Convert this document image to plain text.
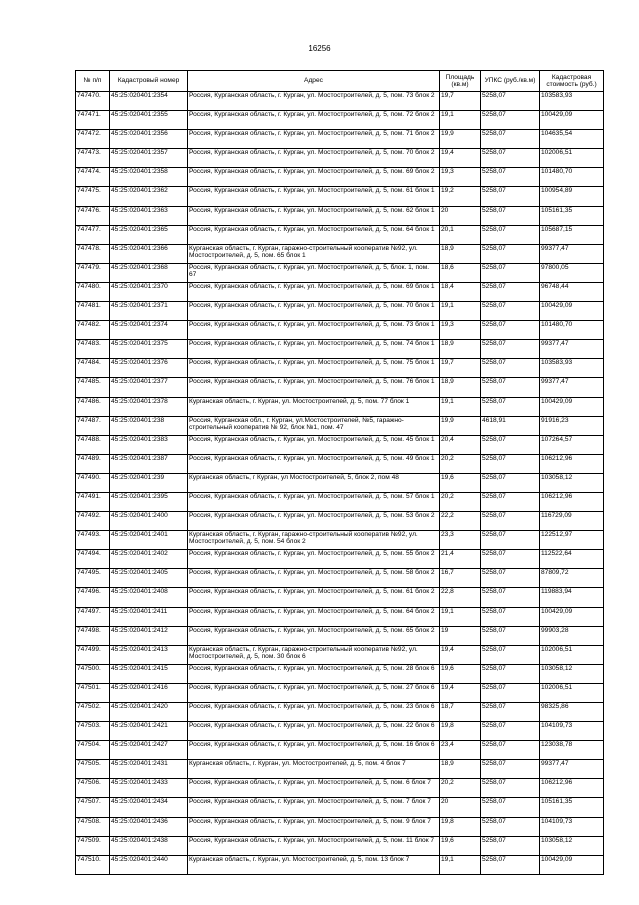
16256
№ п/п	Кадастровый номер	Адрес	Площадь (кв.м)	УПКС (руб./кв.м)	Кадастровая стоимость (руб.)
747470.	45:25:020401:2354	Россия, Курганская область, г. Курган, ул. Мостостроителей, д. 5, пом. 73 блок 2	19,7	5258,07	103583,93
747471.	45:25:020401:2355	Россия, Курганская область, г. Курган, ул. Мостостроителей, д. 5, пом. 72 блок 2	19,1	5258,07	100429,09
747472.	45:25:020401:2356	Россия, Курганская область, г. Курган, ул. Мостостроителей, д. 5, пом. 71 блок 2	19,9	5258,07	104635,54
747473.	45:25:020401:2357	Россия, Курганская область, г. Курган, ул. Мостостроителей, д. 5, пом. 70 блок 2	19,4	5258,07	102006,51
747474.	45:25:020401:2358	Россия, Курганская область, г. Курган, ул. Мостостроителей, д. 5, пом. 69 блок 2	19,3	5258,07	101480,70
747475.	45:25:020401:2362	Россия, Курганская область, г. Курган, ул. Мостостроителей, д. 5, пом. 61 блок 1	19,2	5258,07	100954,89
747476.	45:25:020401:2363	Россия, Курганская область, г. Курган, ул. Мостостроителей, д. 5, пом. 62 блок 1	20	5258,07	105161,35
747477.	45:25:020401:2365	Россия, Курганская область, г. Курган, ул. Мостостроителей, д. 5, пом. 64 блок 1	20,1	5258,07	105687,15
747478.	45:25:020401:2366	Курганская область, г. Курган, гаражно-строительный кооператив №92, ул. Мостостроителей, д. 5, пом. 65 блок 1	18,9	5258,07	99377,47
747479.	45:25:020401:2368	Россия, Курганская область, г. Курган, ул. Мостостроителей, д. 5, блок. 1, пом. 67	18,6	5258,07	97800,05
747480.	45:25:020401:2370	Россия, Курганская область, г. Курган, ул. Мостостроителей, д. 5, пом. 69 блок 1	18,4	5258,07	96748,44
747481.	45:25:020401:2371	Россия, Курганская область, г. Курган, ул. Мостостроителей, д. 5, пом. 70 блок 1	19,1	5258,07	100429,09
747482.	45:25:020401:2374	Россия, Курганская область, г. Курган, ул. Мостостроителей, д. 5, пом. 73 блок 1	19,3	5258,07	101480,70
747483.	45:25:020401:2375	Россия, Курганская область, г. Курган, ул. Мостостроителей, д. 5, пом. 74 блок 1	18,9	5258,07	99377,47
747484.	45:25:020401:2376	Россия, Курганская область, г. Курган, ул. Мостостроителей, д. 5, пом. 75 блок 1	19,7	5258,07	103583,93
747485.	45:25:020401:2377	Россия, Курганская область, г. Курган, ул. Мостостроителей, д. 5, пом. 76 блок 1	18,9	5258,07	99377,47
747486.	45:25:020401:2378	Курганская область, г. Курган, ул. Мостостроителей, д. 5, пом. 77 блок 1	19,1	5258,07	100429,09
747487.	45:25:020401:238	Россия, Курганская обл., г. Курган, ул.Мостостроителей, №5, гаражно-строительный кооператив № 92, блок №1, пом. 47	19,9	4618,91	91916,23
747488.	45:25:020401:2383	Россия, Курганская область, г. Курган, ул. Мостостроителей, д. 5, пом. 45 блок 1	20,4	5258,07	107264,57
747489.	45:25:020401:2387	Россия, Курганская область, г. Курган, ул. Мостостроителей, д. 5, пом. 49 блок 1	20,2	5258,07	106212,96
747490.	45:25:020401:239	Курганская область, г Курган, ул Мостостроителей, 5, блок 2, пом 48	19,6	5258,07	103058,12
747491.	45:25:020401:2395	Россия, Курганская область, г. Курган, ул. Мостостроителей, д. 5, пом. 57 блок 1	20,2	5258,07	106212,96
747492.	45:25:020401:2400	Россия, Курганская область, г. Курган, ул. Мостостроителей, д. 5, пом. 53 блок 2	22,2	5258,07	116729,09
747493.	45:25:020401:2401	Курганская область, г. Курган, гаражно-строительный кооператив №92, ул. Мостостроителей, д. 5, пом. 54 блок 2	23,3	5258,07	122512,97
747494.	45:25:020401:2402	Россия, Курганская область, г. Курган, ул. Мостостроителей, д. 5, пом. 55 блок 2	21,4	5258,07	112522,64
747495.	45:25:020401:2405	Россия, Курганская область, г. Курган, ул. Мостостроителей, д. 5, пом. 58 блок 2	16,7	5258,07	87809,72
747496.	45:25:020401:2408	Россия, Курганская область, г. Курган, ул. Мостостроителей, д. 5, пом. 61 блок 2	22,8	5258,07	119883,94
747497.	45:25:020401:2411	Россия, Курганская область, г. Курган, ул. Мостостроителей, д. 5, пом. 64 блок 2	19,1	5258,07	100429,09
747498.	45:25:020401:2412	Россия, Курганская область, г. Курган, ул. Мостостроителей, д. 5, пом. 65 блок 2	19	5258,07	99903,28
747499.	45:25:020401:2413	Курганская область, г. Курган, гаражно-строительный кооператив №92, ул. Мостостроителей, д. 5, пом. 30 блок 6	19,4	5258,07	102006,51
747500.	45:25:020401:2415	Россия, Курганская область, г. Курган, ул. Мостостроителей, д. 5, пом. 28 блок 6	19,6	5258,07	103058,12
747501.	45:25:020401:2416	Россия, Курганская область, г. Курган, ул. Мостостроителей, д. 5, пом. 27 блок 6	19,4	5258,07	102006,51
747502.	45:25:020401:2420	Россия, Курганская область, г. Курган, ул. Мостостроителей, д. 5, пом. 23 блок 6	18,7	5258,07	98325,86
747503.	45:25:020401:2421	Россия, Курганская область, г. Курган, ул. Мостостроителей, д. 5, пом. 22 блок 6	19,8	5258,07	104109,73
747504.	45:25:020401:2427	Россия, Курганская область, г. Курган, ул. Мостостроителей, д. 5, пом. 16 блок 6	23,4	5258,07	123038,78
747505.	45:25:020401:2431	Курганская область, г. Курган, ул. Мостостроителей, д. 5, пом. 4 блок 7	18,9	5258,07	99377,47
747506.	45:25:020401:2433	Россия, Курганская область, г. Курган, ул. Мостостроителей, д. 5, пом. 6 блок 7	20,2	5258,07	106212,96
747507.	45:25:020401:2434	Россия, Курганская область, г. Курган, ул. Мостостроителей, д. 5, пом. 7 блок 7	20	5258,07	105161,35
747508.	45:25:020401:2436	Россия, Курганская область, г. Курган, ул. Мостостроителей, д. 5, пом. 9 блок 7	19,8	5258,07	104109,73
747509.	45:25:020401:2438	Россия, Курганская область, г. Курган, ул. Мостостроителей, д. 5, пом. 11 блок 7	19,6	5258,07	103058,12
747510.	45:25:020401:2440	Курганская область, г. Курган, ул. Мостостроителей, д. 5, пом. 13 блок 7	19,1	5258,07	100429,09
